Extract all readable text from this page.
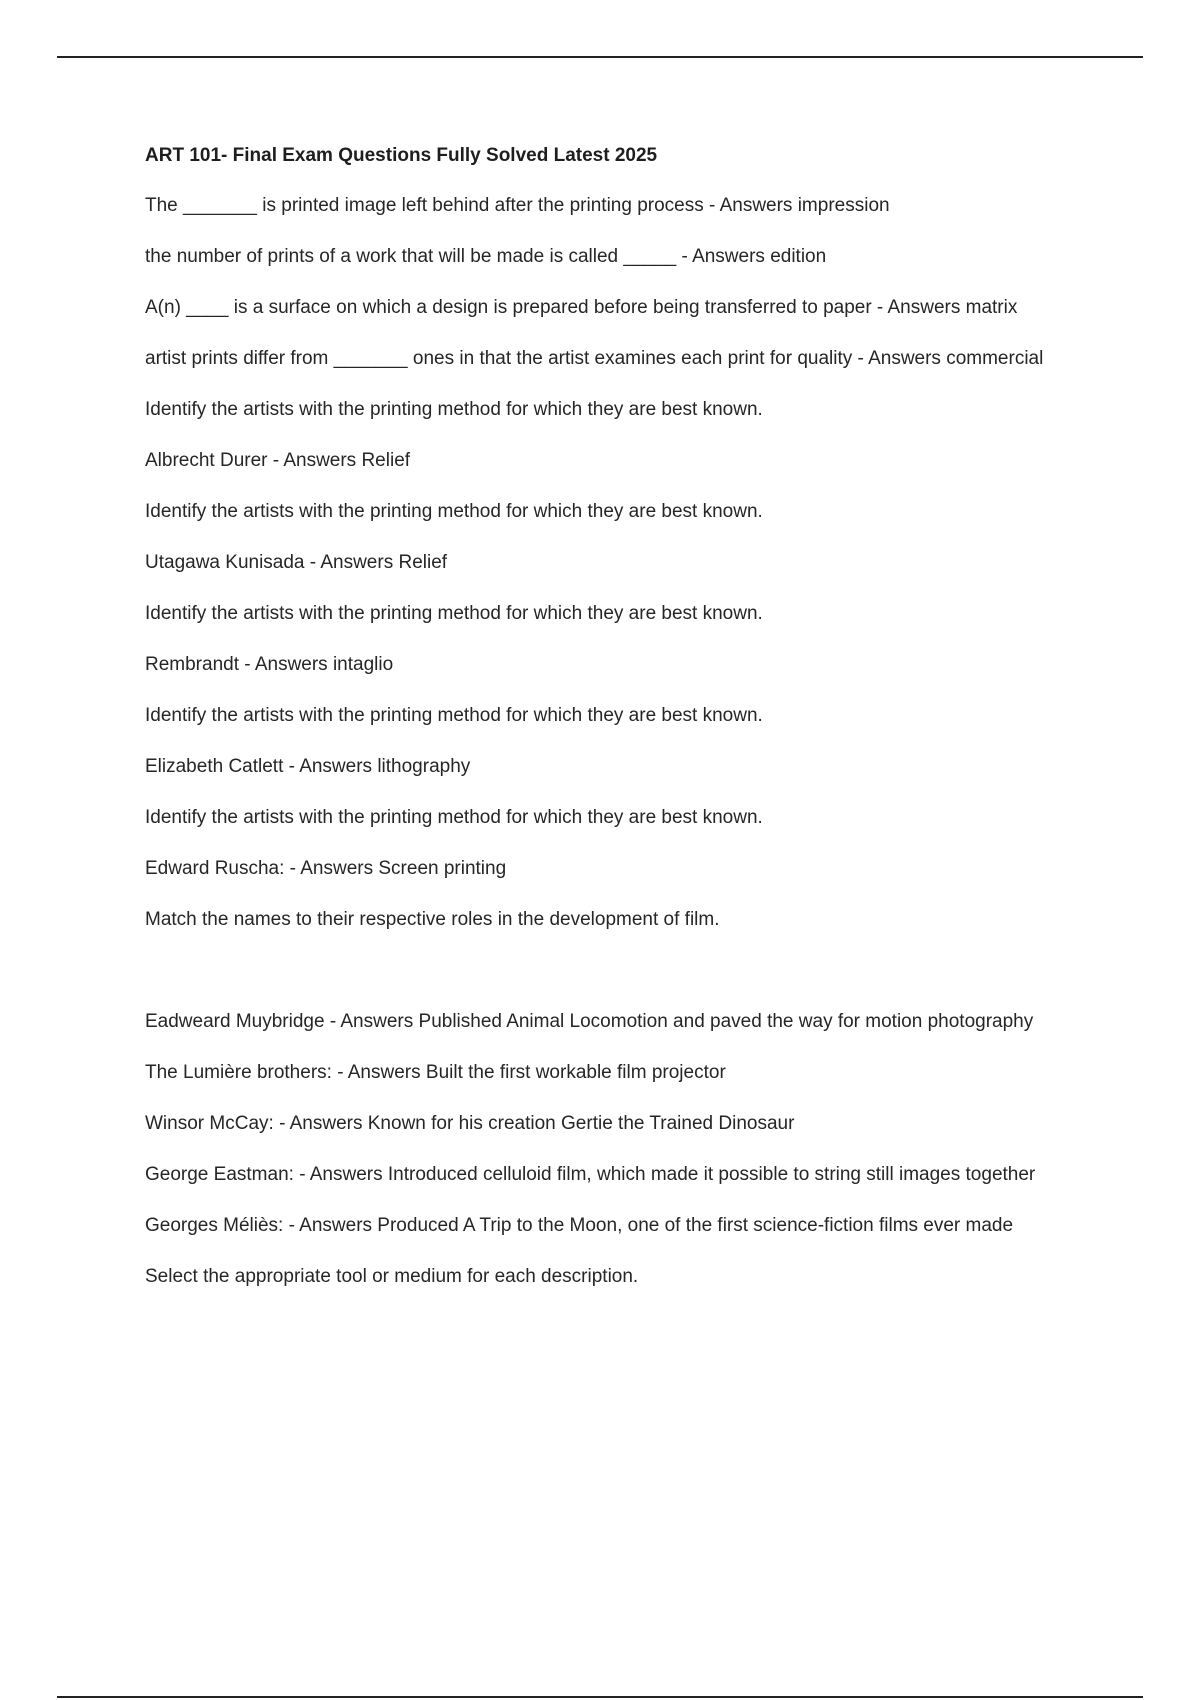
ART 101- Final Exam Questions Fully Solved Latest 2025

The _______ is printed image left behind after the printing process - Answers impression

the number of prints of a work that will be made is called _____ - Answers edition

A(n) ____ is a surface on which a design is prepared before being transferred to paper - Answers matrix

artist prints differ from _______ ones in that the artist examines each print for quality - Answers commercial

Identify the artists with the printing method for which they are best known.

Albrecht Durer - Answers Relief

Identify the artists with the printing method for which they are best known.

Utagawa Kunisada - Answers Relief

Identify the artists with the printing method for which they are best known.

Rembrandt - Answers intaglio

Identify the artists with the printing method for which they are best known.

Elizabeth Catlett - Answers lithography

Identify the artists with the printing method for which they are best known.

Edward Ruscha: - Answers Screen printing

Match the names to their respective roles in the development of film.

Eadweard Muybridge - Answers Published Animal Locomotion and paved the way for motion photography

The Lumière brothers: - Answers Built the first workable film projector

Winsor McCay: - Answers Known for his creation Gertie the Trained Dinosaur

George Eastman: - Answers Introduced celluloid film, which made it possible to string still images together

Georges Méliès: - Answers Produced A Trip to the Moon, one of the first science-fiction films ever made

Select the appropriate tool or medium for each description.
